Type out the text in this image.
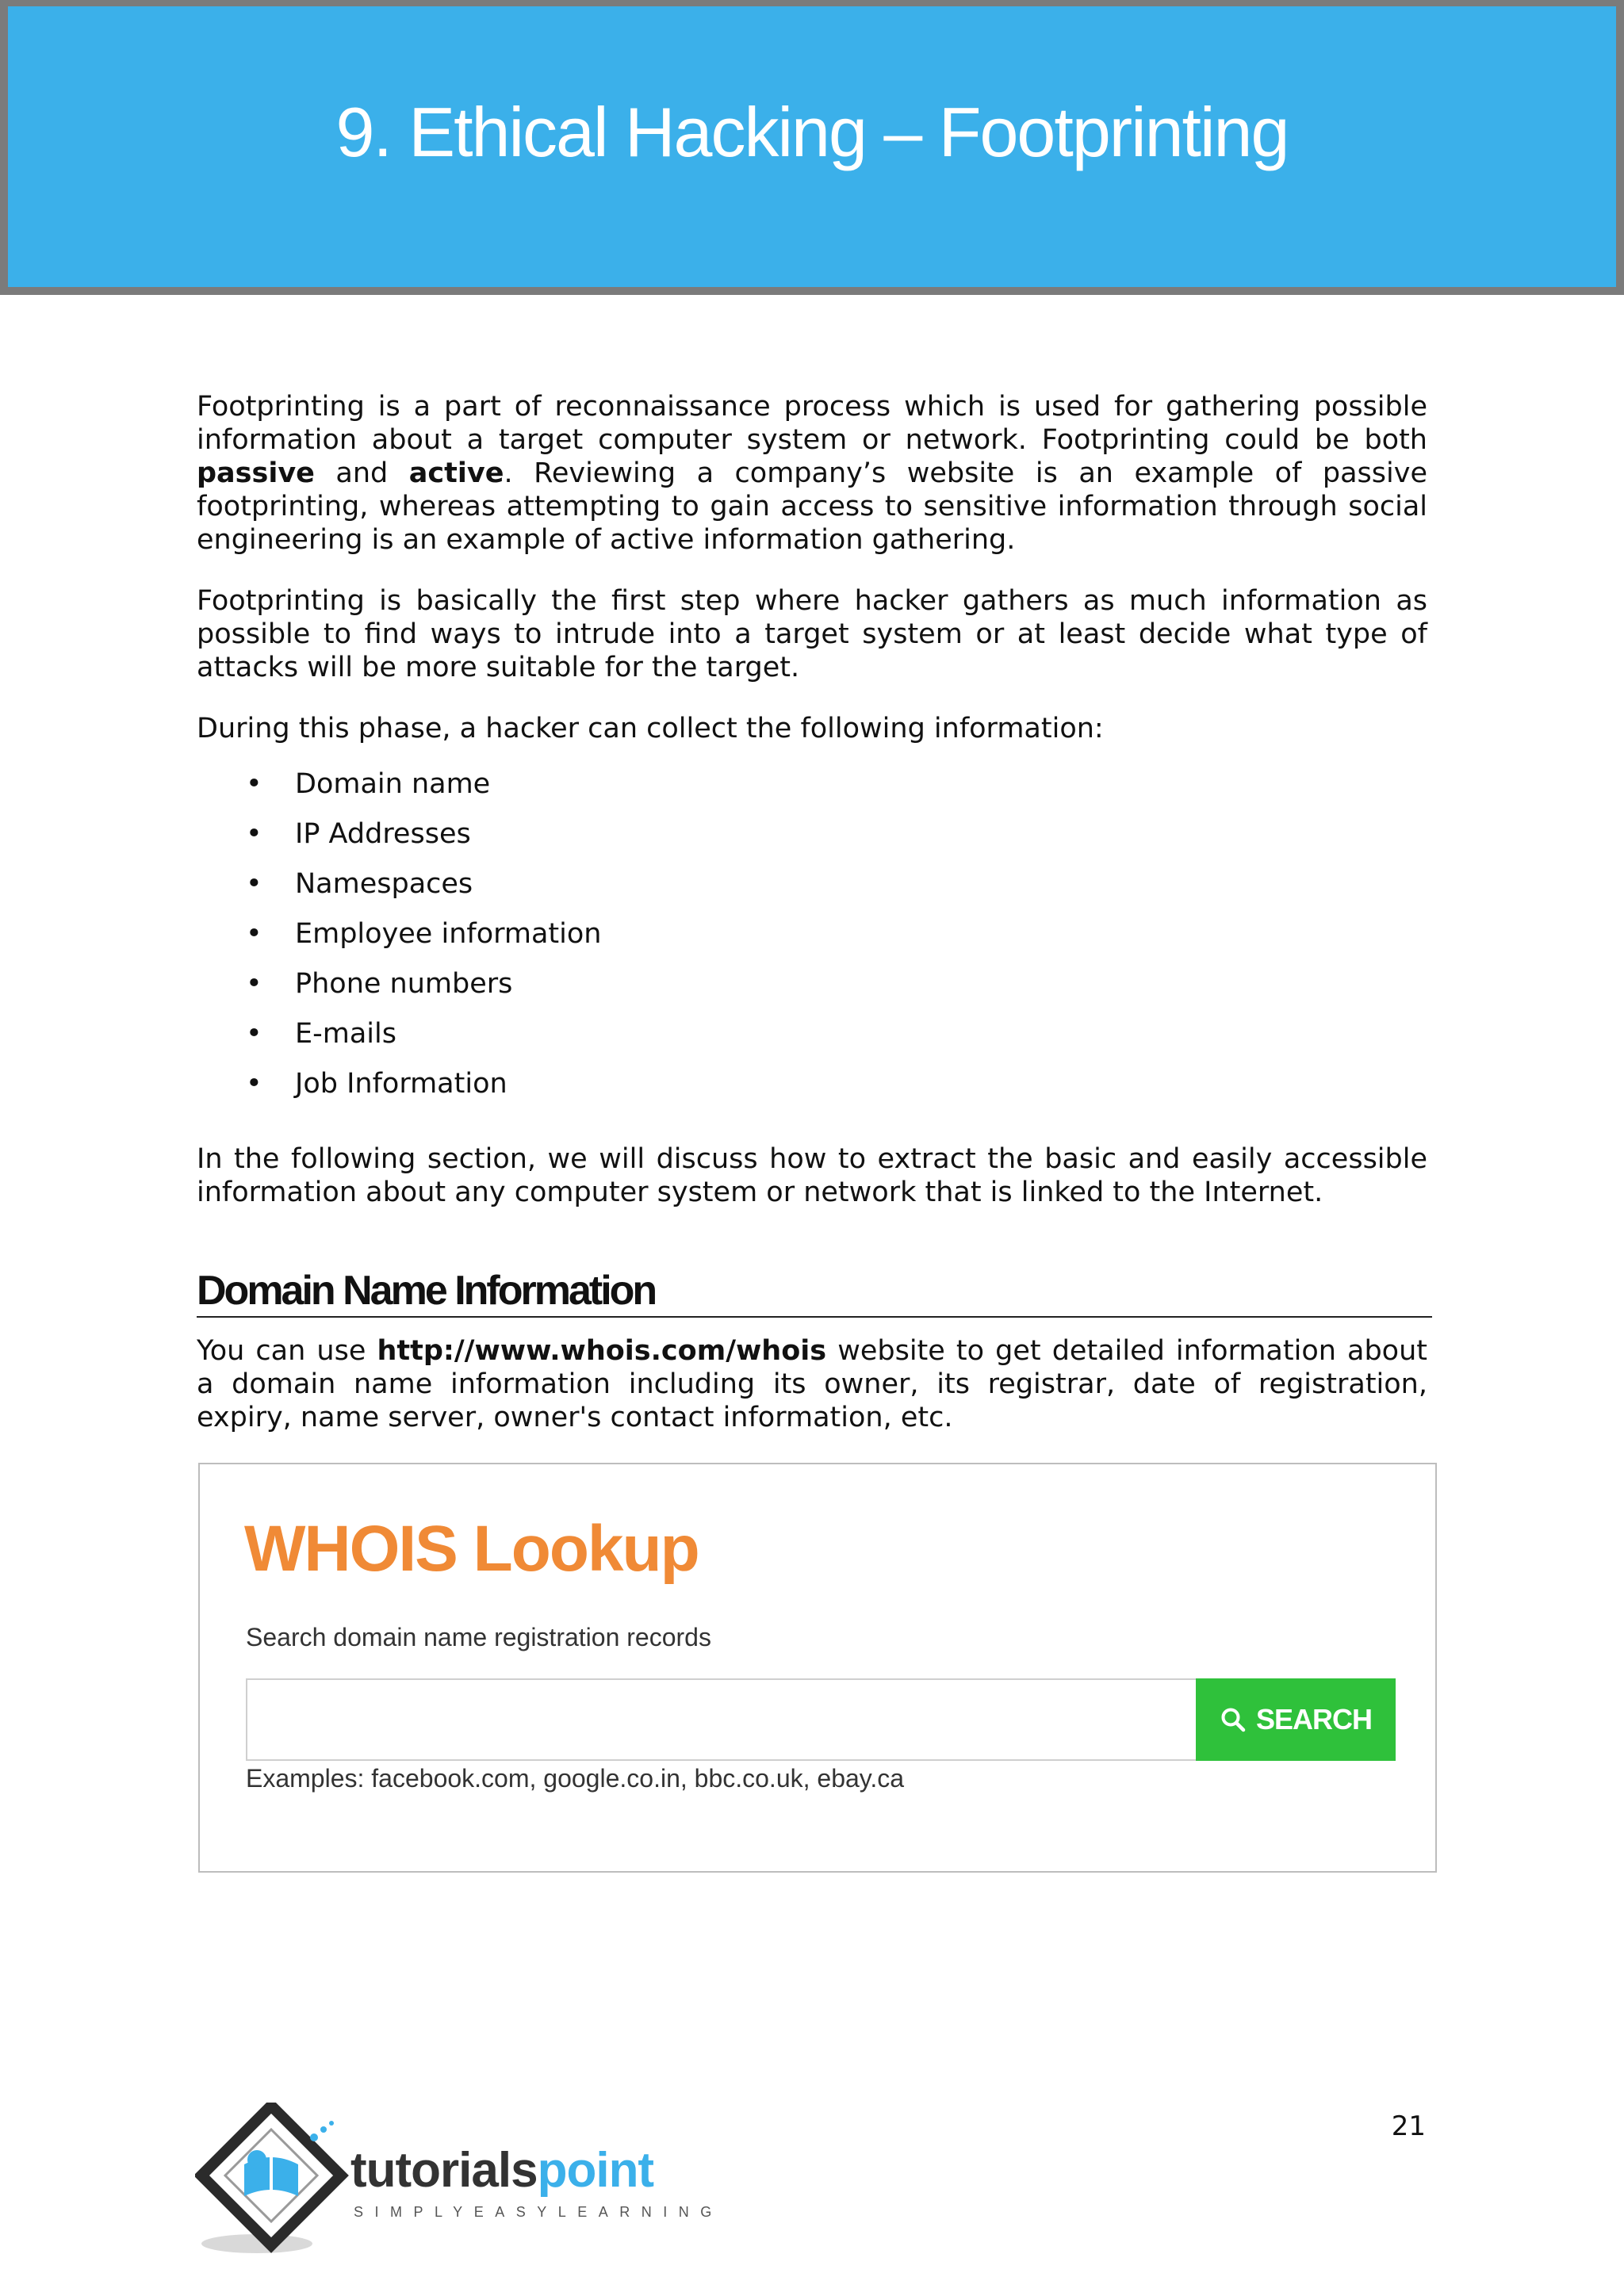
9. Ethical Hacking – Footprinting

Footprinting is a part of reconnaissance process which is used for gathering possible information about a target computer system or network. Footprinting could be both passive and active. Reviewing a company’s website is an example of passive footprinting, whereas attempting to gain access to sensitive information through social engineering is an example of active information gathering.

Footprinting is basically the first step where hacker gathers as much information as possible to find ways to intrude into a target system or at least decide what type of attacks will be more suitable for the target.

During this phase, a hacker can collect the following information:

• Domain name
• IP Addresses
• Namespaces
• Employee information
• Phone numbers
• E-mails
• Job Information

In the following section, we will discuss how to extract the basic and easily accessible information about any computer system or network that is linked to the Internet.

Domain Name Information

You can use http://www.whois.com/whois website to get detailed information about a domain name information including its owner, its registrar, date of registration, expiry, name server, owner's contact information, etc.

WHOIS Lookup
Search domain name registration records
SEARCH
Examples: facebook.com, google.co.in, bbc.co.uk, ebay.ca
21
tutorialspoint
SIMPLYEASYLEARNING
